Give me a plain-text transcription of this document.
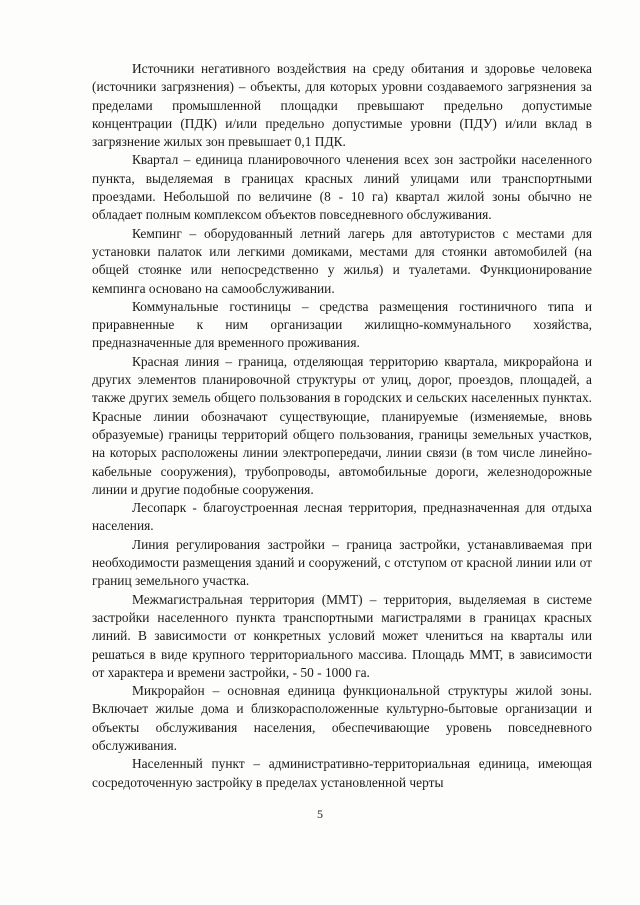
Источники негативного воздействия на среду обитания и здоровье человека (источники загрязнения) – объекты, для которых уровни создаваемого загрязнения за пределами промышленной площадки превышают предельно допустимые концентрации (ПДК) и/или предельно допустимые уровни (ПДУ) и/или вклад в загрязнение жилых зон превышает 0,1 ПДК.

Квартал – единица планировочного членения всех зон застройки населенного пункта, выделяемая в границах красных линий улицами или транспортными проездами. Небольшой по величине (8 - 10 га) квартал жилой зоны обычно не обладает полным комплексом объектов повседневного обслуживания.

Кемпинг – оборудованный летний лагерь для автотуристов с местами для установки палаток или легкими домиками, местами для стоянки автомобилей (на общей стоянке или непосредственно у жилья) и туалетами. Функционирование кемпинга основано на самообслуживании.

Коммунальные гостиницы – средства размещения гостиничного типа и приравненные к ним организации жилищно-коммунального хозяйства, предназначенные для временного проживания.

Красная линия – граница, отделяющая территорию квартала, микрорайона и других элементов планировочной структуры от улиц, дорог, проездов, площадей, а также других земель общего пользования в городских и сельских населенных пунктах. Красные линии обозначают существующие, планируемые (изменяемые, вновь образуемые) границы территорий общего пользования, границы земельных участков, на которых расположены линии электропередачи, линии связи (в том числе линейно-кабельные сооружения), трубопроводы, автомобильные дороги, железнодорожные линии и другие подобные сооружения.

Лесопарк - благоустроенная лесная территория, предназначенная для отдыха населения.

Линия регулирования застройки – граница застройки, устанавливаемая при необходимости размещения зданий и сооружений, с отступом от красной линии или от границ земельного участка.

Межмагистральная территория (ММТ) – территория, выделяемая в системе застройки населенного пункта транспортными магистралями в границах красных линий. В зависимости от конкретных условий может члениться на кварталы или решаться в виде крупного территориального массива. Площадь ММТ, в зависимости от характера и времени застройки, - 50 - 1000 га.

Микрорайон – основная единица функциональной структуры жилой зоны. Включает жилые дома и близкорасположенные культурно-бытовые организации и объекты обслуживания населения, обеспечивающие уровень повседневного обслуживания.

Населенный пункт – административно-территориальная единица, имеющая сосредоточенную застройку в пределах установленной черты

5
